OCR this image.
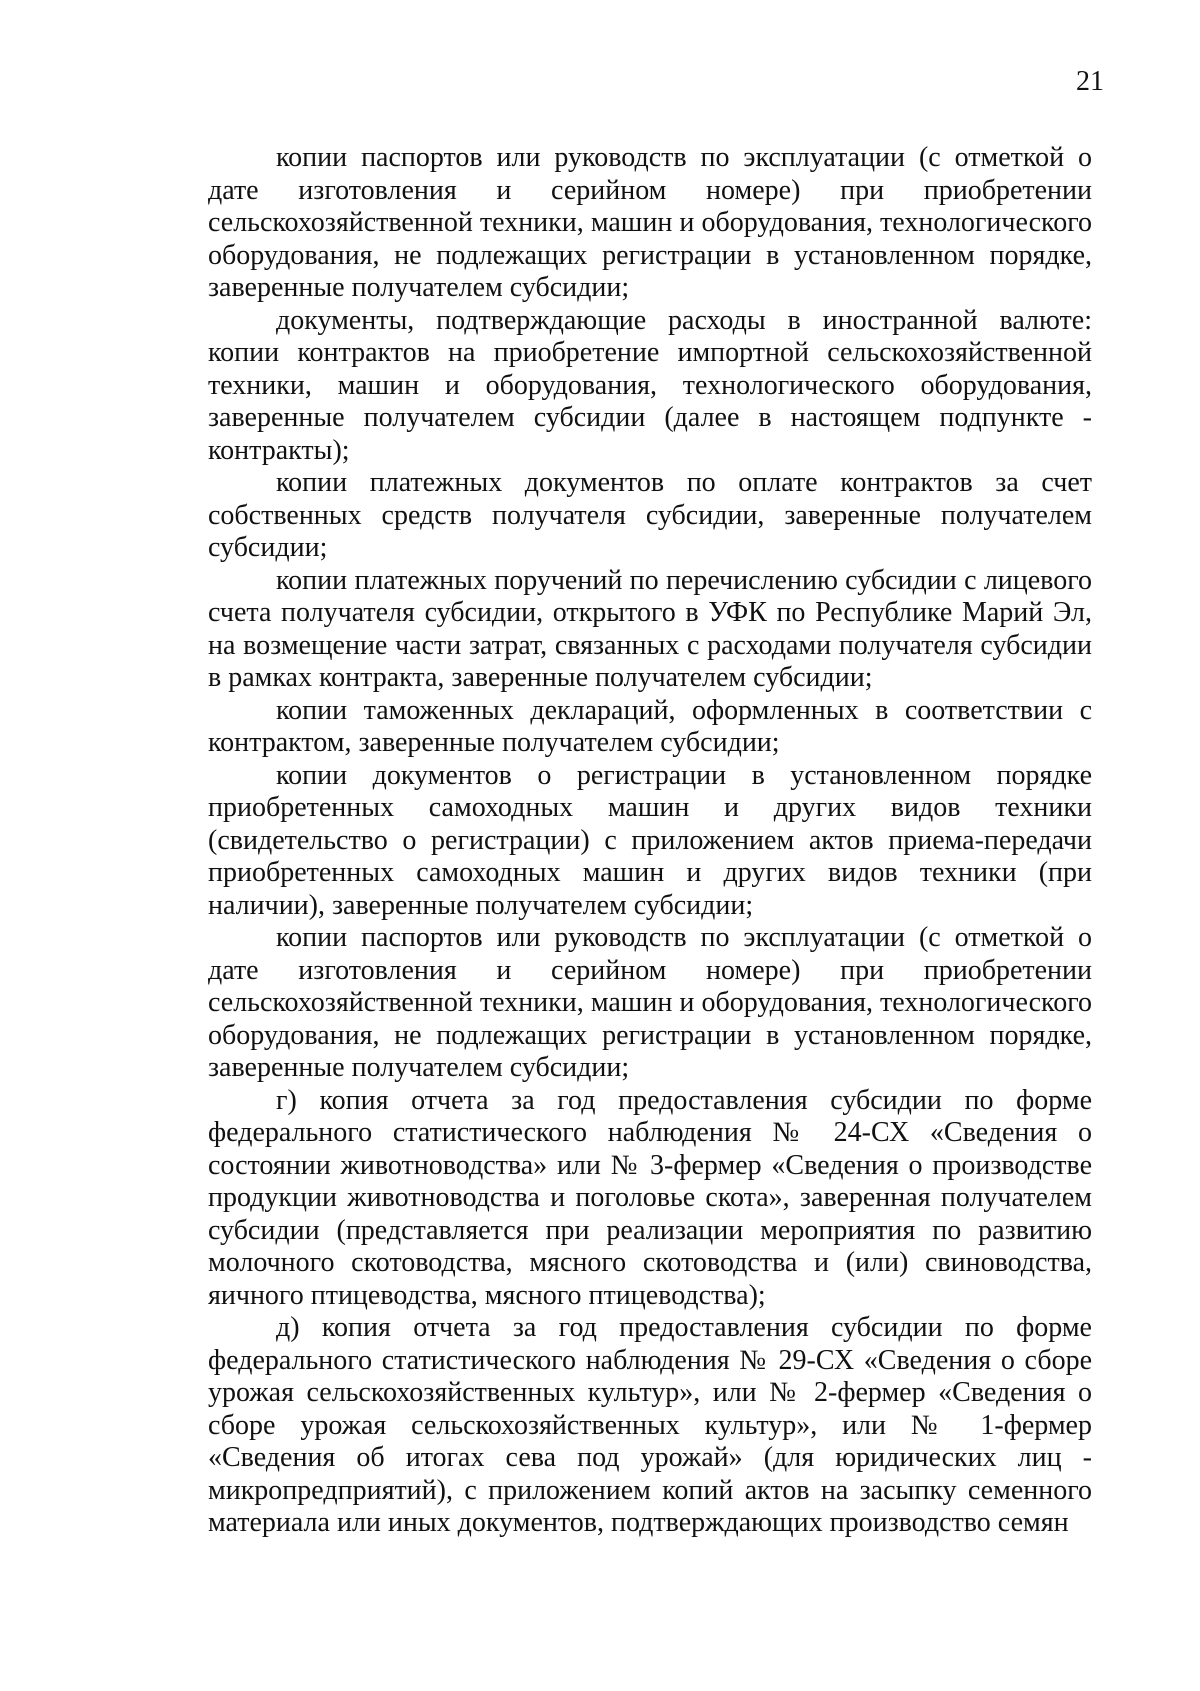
21

копии паспортов или руководств по эксплуатации (с отметкой о дате изготовления и серийном номере) при приобретении сельскохозяйственной техники, машин и оборудования, технологического оборудования, не подлежащих регистрации в установленном порядке, заверенные получателем субсидии;

документы, подтверждающие расходы в иностранной валюте: копии контрактов на приобретение импортной сельскохозяйственной техники, машин и оборудования, технологического оборудования, заверенные получателем субсидии (далее в настоящем подпункте - контракты);

копии платежных документов по оплате контрактов за счет собственных средств получателя субсидии, заверенные получателем субсидии;

копии платежных поручений по перечислению субсидии с лицевого счета получателя субсидии, открытого в УФК по Республике Марий Эл, на возмещение части затрат, связанных с расходами получателя субсидии в рамках контракта, заверенные получателем субсидии;

копии таможенных деклараций, оформленных в соответствии с контрактом, заверенные получателем субсидии;

копии документов о регистрации в установленном порядке приобретенных самоходных машин и других видов техники (свидетельство о регистрации) с приложением актов приема-передачи приобретенных самоходных машин и других видов техники (при наличии), заверенные получателем субсидии;

копии паспортов или руководств по эксплуатации (с отметкой о дате изготовления и серийном номере) при приобретении сельскохозяйственной техники, машин и оборудования, технологического оборудования, не подлежащих регистрации в установленном порядке, заверенные получателем субсидии;

г) копия отчета за год предоставления субсидии по форме федерального статистического наблюдения № 24-СХ «Сведения о состоянии животноводства» или № 3-фермер «Сведения о производстве продукции животноводства и поголовье скота», заверенная получателем субсидии (представляется при реализации мероприятия по развитию молочного скотоводства, мясного скотоводства и (или) свиноводства, яичного птицеводства, мясного птицеводства);

д) копия отчета за год предоставления субсидии по форме федерального статистического наблюдения № 29-СХ «Сведения о сборе урожая сельскохозяйственных культур», или № 2-фермер «Сведения о сборе урожая сельскохозяйственных культур», или № 1-фермер «Сведения об итогах сева под урожай» (для юридических лиц - микропредприятий), с приложением копий актов на засыпку семенного материала или иных документов, подтверждающих производство семян
